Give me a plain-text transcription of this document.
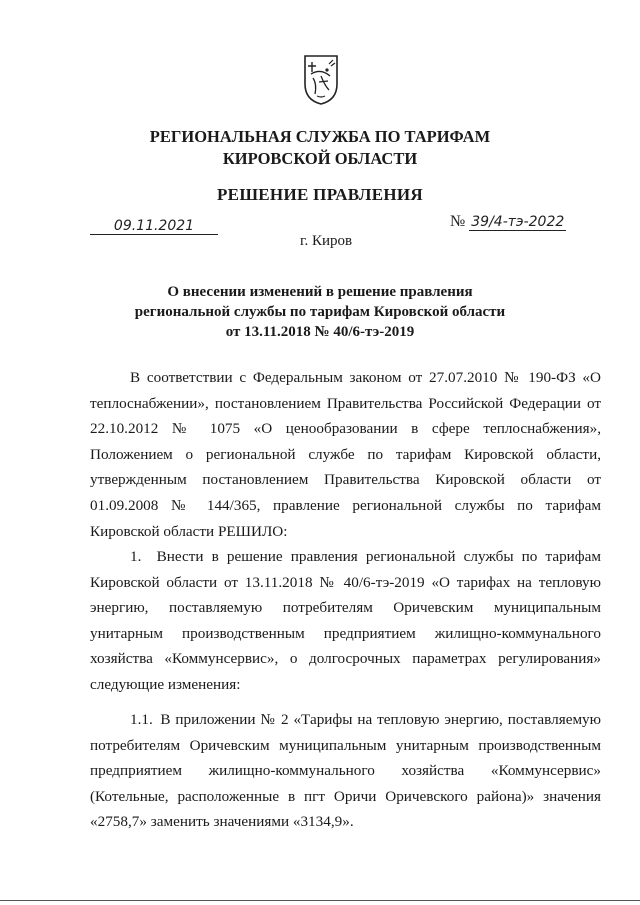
РЕГИОНАЛЬНАЯ СЛУЖБА ПО ТАРИФАМ
КИРОВСКОЙ ОБЛАСТИ
РЕШЕНИЕ ПРАВЛЕНИЯ
09.11.2021	№ 39/4-тэ-2022
г. Киров
О внесении изменений в решение правления
региональной службы по тарифам Кировской области
от 13.11.2018 № 40/6-тэ-2019
В соответствии с Федеральным законом от 27.07.2010 № 190-ФЗ «О теплоснабжении», постановлением Правительства Российской Федерации от 22.10.2012 № 1075 «О ценообразовании в сфере теплоснабжения», Положением о региональной службе по тарифам Кировской области, утвержденным постановлением Правительства Кировской области от 01.09.2008 № 144/365, правление региональной службы по тарифам Кировской области РЕШИЛО:
1. Внести в решение правления региональной службы по тарифам Кировской области от 13.11.2018 № 40/6-тэ-2019 «О тарифах на тепловую энергию, поставляемую потребителям Оричевским муниципальным унитарным производственным предприятием жилищно-коммунального хозяйства «Коммунсервис», о долгосрочных параметрах регулирования» следующие изменения:
1.1. В приложении № 2 «Тарифы на тепловую энергию, поставляемую потребителям Оричевским муниципальным унитарным производственным предприятием жилищно-коммунального хозяйства «Коммунсервис» (Котельные, расположенные в пгт Оричи Оричевского района)» значения «2758,7» заменить значениями «3134,9».
